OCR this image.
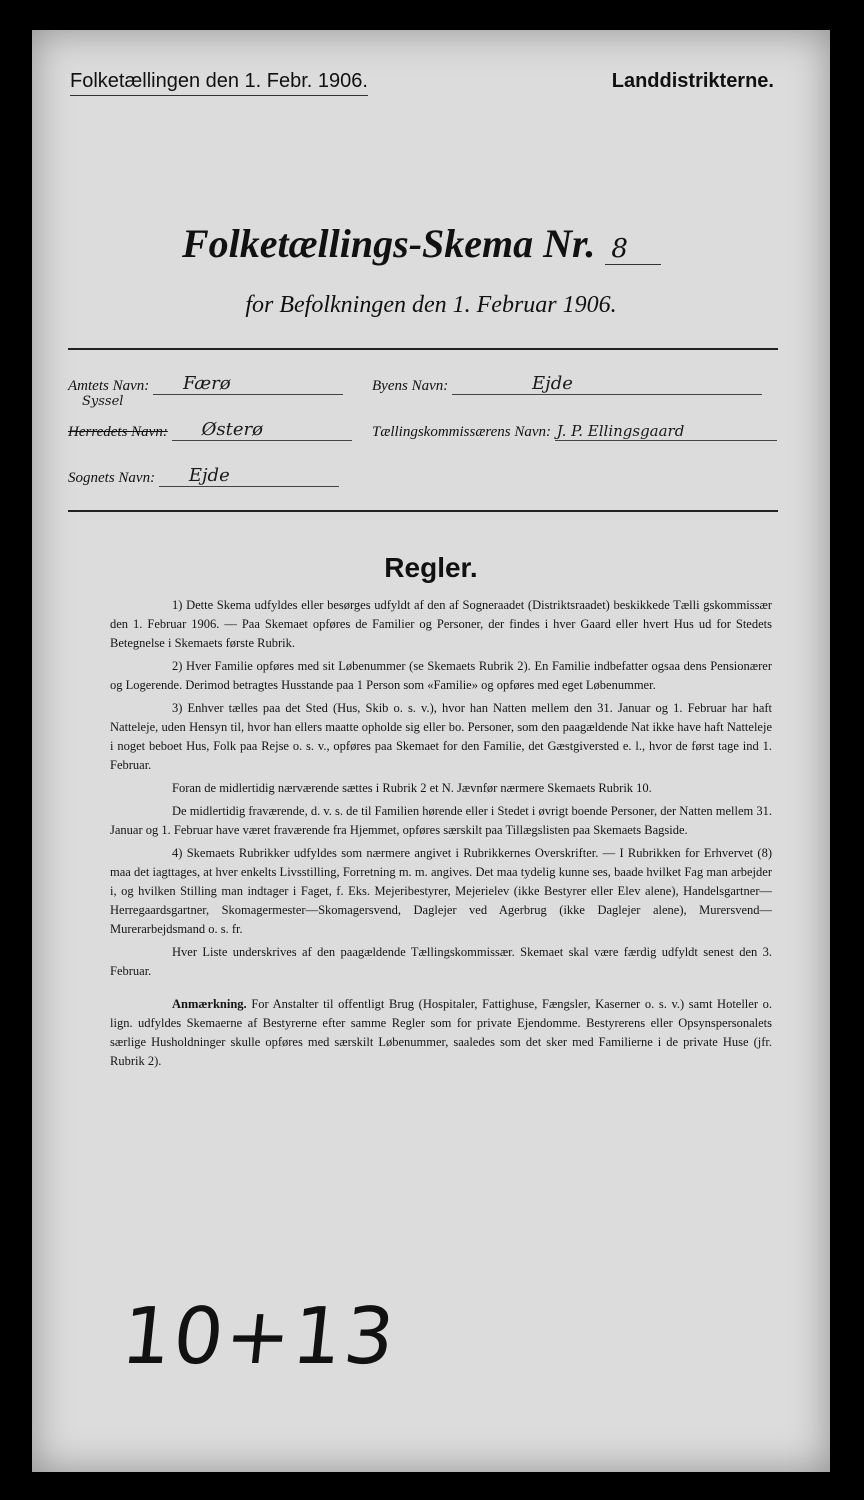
Folketællingen den 1. Febr. 1906.	Landdistrikterne.
Folketællings-Skema Nr. 8
for Befolkningen den 1. Februar 1906.
Amtets Navn: Færø
Syssel
Herredets Navn: Østerø
Sognets Navn: Ejde
Byens Navn:	Ejde
Tællingskommissærens Navn: J. P. Ellingsgaard
Regler.

1) Dette Skema udfyldes eller besørges udfyldt af den af Sogneraadet (Distriktsraadet) beskikkede Tælli gskommissær den 1. Februar 1906. — Paa Skemaet opføres de Familier og Personer, der findes i hver Gaard eller hvert Hus ud for Stedets Betegnelse i Skemaets første Rubrik.

2) Hver Familie opføres med sit Løbenummer (se Skemaets Rubrik 2). En Familie indbefatter ogsaa dens Pensionærer og Logerende. Derimod betragtes Husstande paa 1 Person som «Familie» og opføres med eget Løbenummer.

3) Enhver tælles paa det Sted (Hus, Skib o. s. v.), hvor han Natten mellem den 31. Januar og 1. Februar har haft Natteleje, uden Hensyn til, hvor han ellers maatte opholde sig eller bo. Personer, som den paagældende Nat ikke have haft Natteleje i noget beboet Hus, Folk paa Rejse o. s. v., opføres paa Skemaet for den Familie, det Gæstgiversted e. l., hvor de først tage ind 1. Februar.

Foran de midlertidig nærværende sættes i Rubrik 2 et N. Jævnfør nærmere Skemaets Rubrik 10.

De midlertidig fraværende, d. v. s. de til Familien hørende eller i Stedet i øvrigt boende Personer, der Natten mellem 31. Januar og 1. Februar have været fraværende fra Hjemmet, opføres særskilt paa Tillægslisten paa Skemaets Bagside.

4) Skemaets Rubrikker udfyldes som nærmere angivet i Rubrikkernes Overskrifter. — I Rubrikken for Erhvervet (8) maa det iagttages, at hver enkelts Livsstilling, Forretning m. m. angives. Det maa tydelig kunne ses, baade hvilket Fag man arbejder i, og hvilken Stilling man indtager i Faget, f. Eks. Mejeribestyrer, Mejerielev (ikke Bestyrer eller Elev alene), Handelsgartner—Herregaardsgartner, Skomagermester—Skomagersvend, Daglejer ved Agerbrug (ikke Daglejer alene), Murersvend—Murerarbejdsmand o. s. fr.

Hver Liste underskrives af den paagældende Tællingskommissær. Skemaet skal være færdig udfyldt senest den 3. Februar.

Anmærkning. For Anstalter til offentligt Brug (Hospitaler, Fattighuse, Fængsler, Kaserner o. s. v.) samt Hoteller o. lign. udfyldes Skemaerne af Bestyrerne efter samme Regler som for private Ejendomme. Bestyrerens eller Opsynspersonalets særlige Husholdninger skulle opføres med særskilt Løbenummer, saaledes som det sker med Familierne i de private Huse (jfr. Rubrik 2).

10+13
